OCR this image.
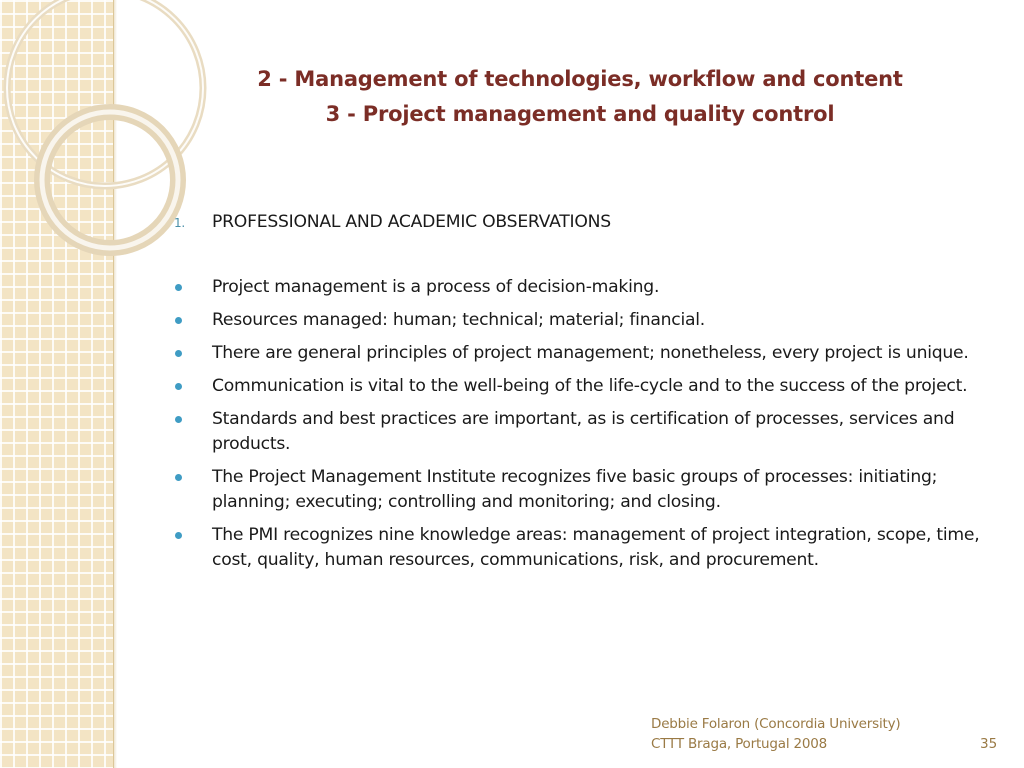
2 - Management of technologies, workflow and content
3 - Project management and quality control
1. PROFESSIONAL AND ACADEMIC OBSERVATIONS
Project management is a process of decision-making.
Resources managed: human; technical; material; financial.
There are general principles of project management; nonetheless, every project is unique.
Communication is vital to the well-being of the life-cycle and to the success of the project.
Standards and best practices are important, as is certification of processes, services and products.
The Project Management Institute recognizes five basic groups of processes: initiating; planning; executing; controlling and monitoring; and closing.
The PMI recognizes nine knowledge areas: management of project integration, scope, time, cost, quality, human resources, communications, risk, and procurement.
Debbie Folaron (Concordia University)
CTTT Braga, Portugal 2008	35
